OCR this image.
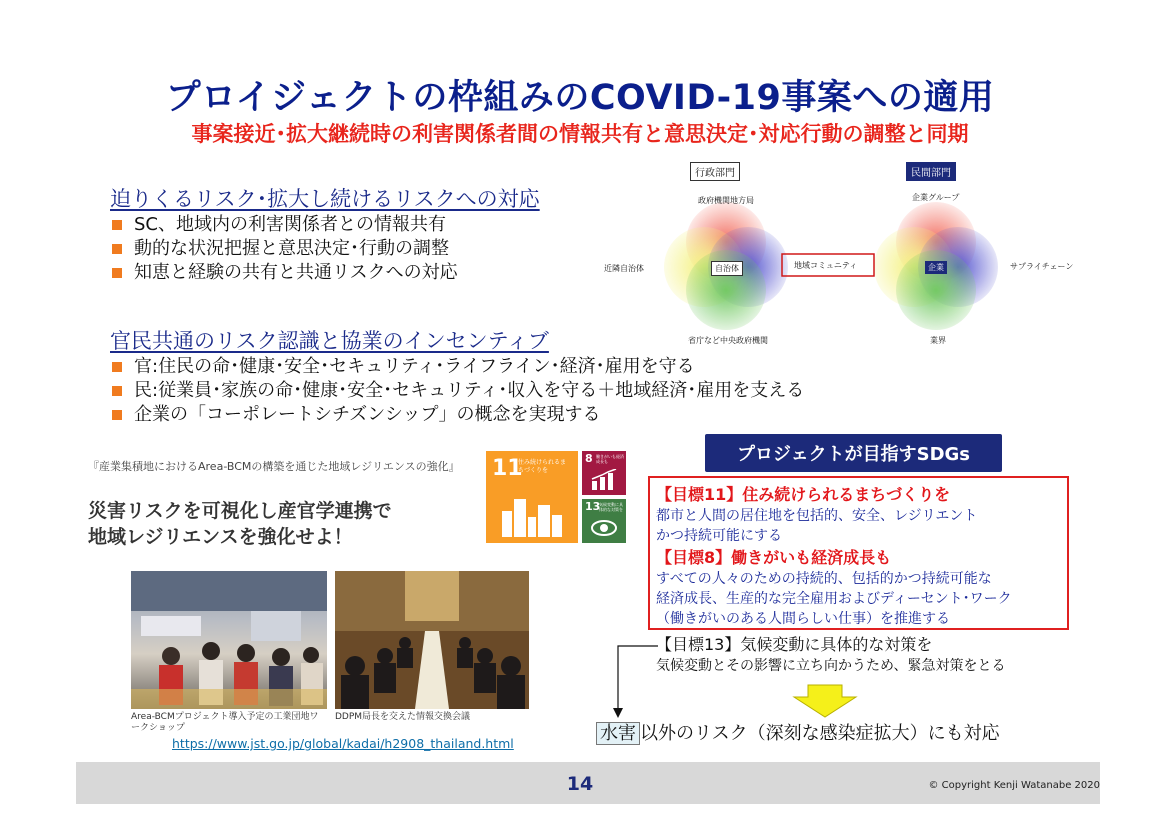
プロイジェクトの枠組みのCOVID-19事案への適用
事案接近･拡大継続時の利害関係者間の情報共有と意思決定･対応行動の調整と同期
迫りくるリスク･拡大し続けるリスクへの対応
SC、地域内の利害関係者との情報共有
動的な状況把握と意思決定･行動の調整
知恵と経験の共有と共通リスクへの対応
官民共通のリスク認識と協業のインセンティブ
官:住民の命･健康･安全･セキュリティ･ライフライン･経済･雇用を守る
民:従業員･家族の命･健康･安全･セキュリティ･収入を守る＋地域経済･雇用を支える
企業の「コーポレートシチズンシップ」の概念を実現する
行政部門	民間部門
政府機関地方局
近隣自治体	自治体
省庁など中央政府機関
地域コミュニティ
企業グループ
サプライチェーン
企業
業界
『産業集積地におけるArea-BCMの構築を通じた地域レジリエンスの強化』
災害リスクを可視化し産官学連携で
地域レジリエンスを強化せよ！
11
住み続けられるまちづくりを
8 働きがいも経済成長も
13
気候変動に具体的な対策を
Area-BCMプロジェクト導入予定の工業団地ワークショップ
DDPM局長を交えた情報交換会議
https://www.jst.go.jp/global/kadai/h2908_thailand.html
プロジェクトが目指すSDGs
【目標11】住み続けられるまちづくりを
都市と人間の居住地を包括的、安全、レジリエント
かつ持続可能にする
【目標8】働きがいも経済成長も
すべての人々のための持続的、包括的かつ持続可能な
経済成長、生産的な完全雇用およびディーセント･ワーク
（働きがいのある人間らしい仕事）を推進する
【目標13】気候変動に具体的な対策を
気候変動とその影響に立ち向かうため、緊急対策をとる
水害 以外のリスク（深刻な感染症拡大）にも対応
14	© Copyright Kenji Watanabe 2020
